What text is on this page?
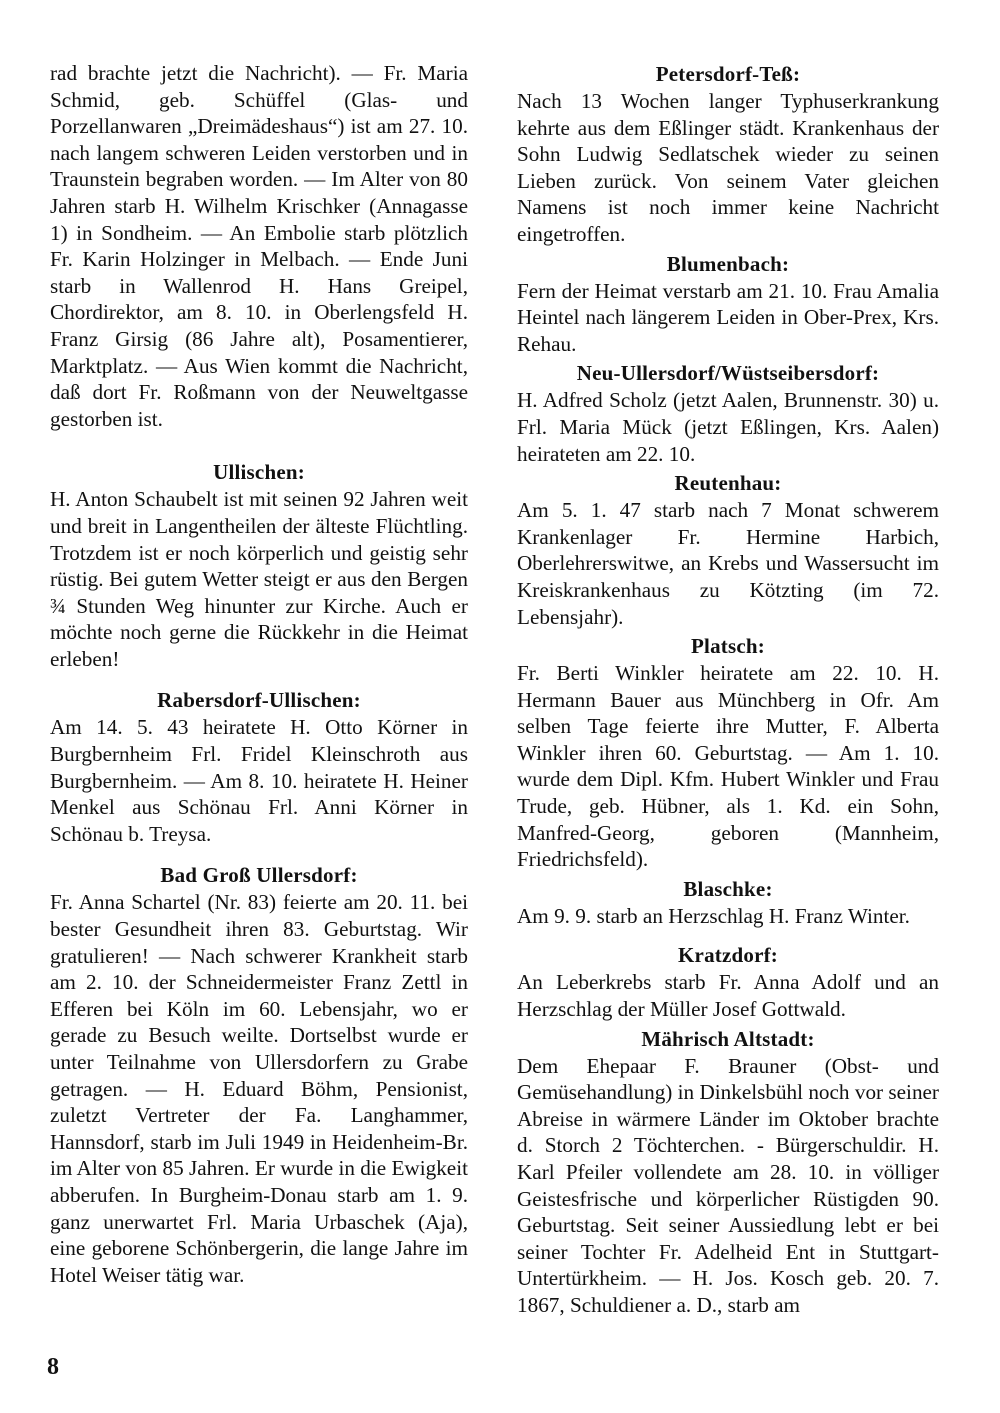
rad brachte jetzt die Nachricht). — Fr. Maria Schmid, geb. Schüffel (Glas- und Porzellanwaren „Dreimädeshaus“) ist am 27. 10. nach langem schweren Leiden verstorben und in Traunstein begraben worden. — Im Alter von 80 Jahren starb H. Wilhelm Krischker (Annagasse 1) in Sondheim. — An Embolie starb plötzlich Fr. Karin Holzinger in Melbach. — Ende Juni starb in Wallenrod H. Hans Greipel, Chordirektor, am 8. 10. in Oberlengsfeld H. Franz Girsig (86 Jahre alt), Posamentierer, Marktplatz. — Aus Wien kommt die Nachricht, daß dort Fr. Roßmann von der Neuweltgasse gestorben ist.

Ullischen:

H. Anton Schaubelt ist mit seinen 92 Jahren weit und breit in Langentheilen der älteste Flüchtling. Trotzdem ist er noch körperlich und geistig sehr rüstig. Bei gutem Wetter steigt er aus den Bergen ¾ Stunden Weg hinunter zur Kirche. Auch er möchte noch gerne die Rückkehr in die Heimat erleben!

Rabersdorf-Ullischen:

Am 14. 5. 43 heiratete H. Otto Körner in Burgbernheim Frl. Fridel Kleinschroth aus Burgbernheim. — Am 8. 10. heiratete H. Heiner Menkel aus Schönau Frl. Anni Körner in Schönau b. Treysa.

Bad Groß Ullersdorf:

Fr. Anna Schartel (Nr. 83) feierte am 20. 11. bei bester Gesundheit ihren 83. Geburtstag. Wir gratulieren! — Nach schwerer Krankheit starb am 2. 10. der Schneidermeister Franz Zettl in Efferen bei Köln im 60. Lebensjahr, wo er gerade zu Besuch weilte. Dortselbst wurde er unter Teilnahme von Ullersdorfern zu Grabe getragen. — H. Eduard Böhm, Pensionist, zuletzt Vertreter der Fa. Langhammer, Hannsdorf, starb im Juli 1949 in Heidenheim-Br. im Alter von 85 Jahren. Er wurde in die Ewigkeit abberufen. In Burgheim-Donau starb am 1. 9. ganz unerwartet Frl. Maria Urbaschek (Aja), eine geborene Schönbergerin, die lange Jahre im Hotel Weiser tätig war.

Petersdorf-Teß:

Nach 13 Wochen langer Typhuserkrankung kehrte aus dem Eßlinger städt. Krankenhaus der Sohn Ludwig Sedlatschek wieder zu seinen Lieben zurück. Von seinem Vater gleichen Namens ist noch immer keine Nachricht eingetroffen.

Blumenbach:

Fern der Heimat verstarb am 21. 10. Frau Amalia Heintel nach längerem Leiden in Ober-Prex, Krs. Rehau.

Neu-Ullersdorf/Wüstseibersdorf:

H. Adfred Scholz (jetzt Aalen, Brunnenstr. 30) u. Frl. Maria Mück (jetzt Eßlingen, Krs. Aalen) heirateten am 22. 10.

Reutenhau:

Am 5. 1. 47 starb nach 7 Monat schwerem Krankenlager Fr. Hermine Harbich, Oberlehrerswitwe, an Krebs und Wassersucht im Kreiskrankenhaus zu Kötzting (im 72. Lebensjahr).

Platsch:

Fr. Berti Winkler heiratete am 22. 10. H. Hermann Bauer aus Münchberg in Ofr. Am selben Tage feierte ihre Mutter, F. Alberta Winkler ihren 60. Geburtstag. — Am 1. 10. wurde dem Dipl. Kfm. Hubert Winkler und Frau Trude, geb. Hübner, als 1. Kd. ein Sohn, Manfred-Georg, geboren (Mannheim, Friedrichsfeld).

Blaschke:

Am 9. 9. starb an Herzschlag H. Franz Winter.

Kratzdorf:

An Leberkrebs starb Fr. Anna Adolf und an Herzschlag der Müller Josef Gottwald.

Mährisch Altstadt:

Dem Ehepaar F. Brauner (Obst- und Gemüsehandlung) in Dinkelsbühl noch vor seiner Abreise in wärmere Länder im Oktober brachte d. Storch 2 Töchterchen. - Bürgerschuldir. H. Karl Pfeiler vollendete am 28. 10. in völliger Geistesfrische und körperlicher Rüstigden 90. Geburtstag. Seit seiner Aussiedlung lebt er bei seiner Tochter Fr. Adelheid Ent in Stuttgart-Untertürkheim. — H. Jos. Kosch geb. 20. 7. 1867, Schuldiener a. D., starb am

8
